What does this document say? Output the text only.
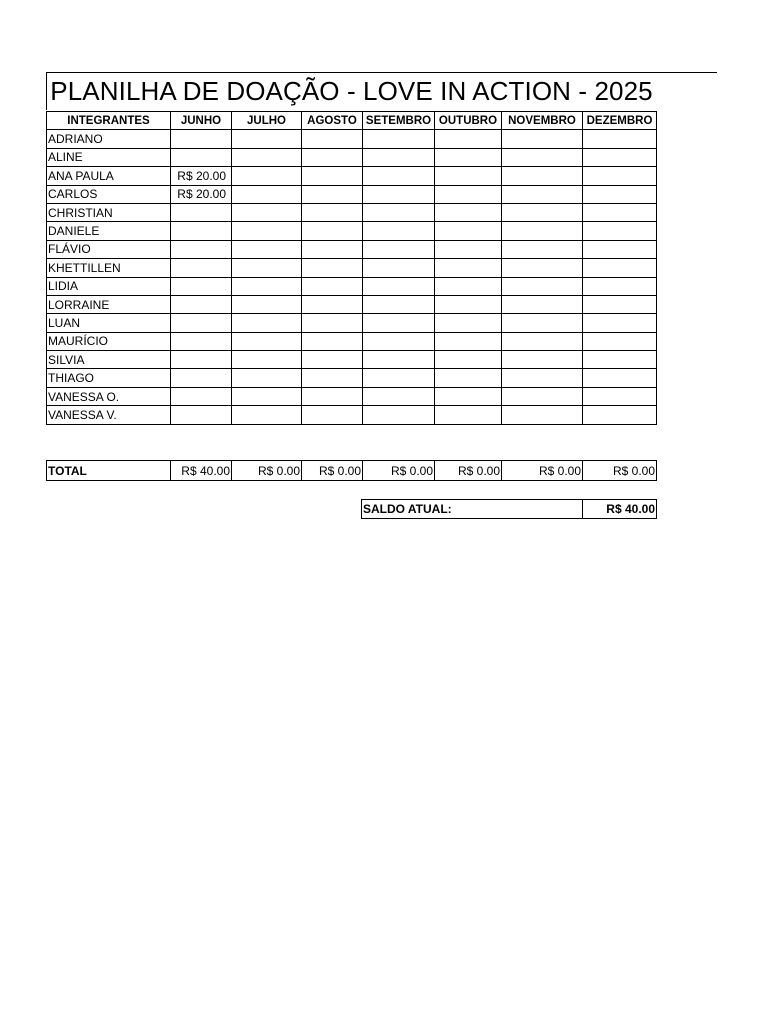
PLANILHA DE DOAÇÃO - LOVE IN ACTION - 2025
INTEGRANTES	JUNHO	JULHO	AGOSTO	SETEMBRO	OUTUBRO	NOVEMBRO	DEZEMBRO
ADRIANO							
ALINE							
ANA PAULA	R$ 20.00						
CARLOS	R$ 20.00						
CHRISTIAN							
DANIELE							
FLÁVIO							
KHETTILLEN							
LIDIA							
LORRAINE							
LUAN							
MAURÍCIO							
SILVIA							
THIAGO							
VANESSA O.							
VANESSA V.							
TOTAL	R$ 40.00	R$ 0.00	R$ 0.00	R$ 0.00	R$ 0.00	R$ 0.00	R$ 0.00
SALDO ATUAL:	R$ 40.00
